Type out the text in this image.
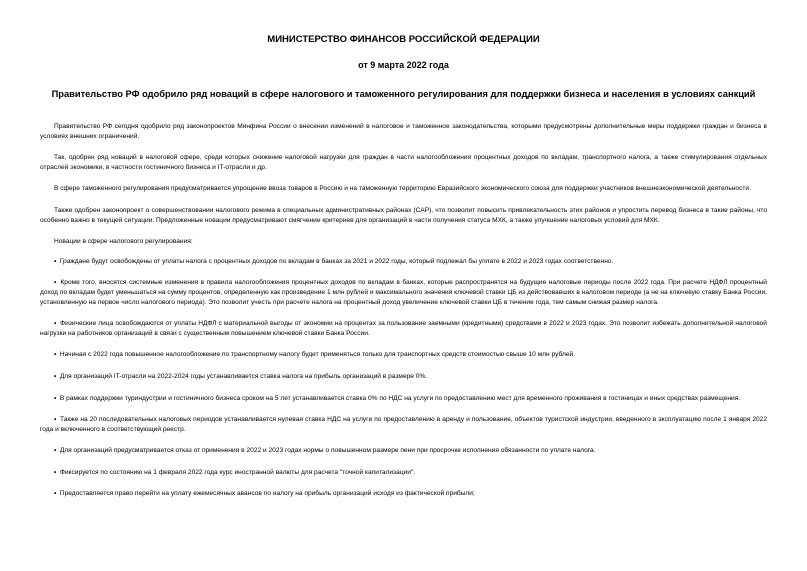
МИНИСТЕРСТВО ФИНАНСОВ РОССИЙСКОЙ ФЕДЕРАЦИИ
от 9 марта 2022 года
Правительство РФ одобрило ряд новаций в сфере налогового и таможенного регулирования для поддержки бизнеса и населения в условиях санкций

Правительство РФ сегодня одобрило ряд законопроектов Минфина России о внесении изменений в налоговое и таможенное законодательства, которыми предусмотрены дополнительные меры поддержки граждан и бизнеса в условиях внешних ограничений.

Так, одобрен ряд новаций в налоговой сфере, среди которых снижение налоговой нагрузки для граждан в части налогообложения процентных доходов по вкладам, транспортного налога, а также стимулирования отдельных отраслей экономики, в частности гостиничного бизнеса и IT-отрасли и др.

В сфере таможенного регулирования предусматривается упрощение ввоза товаров в Россию и на таможенную территорию Евразийского экономического союза для поддержки участников внешнеэкономической деятельности.

Также одобрен законопроект о совершенствовании налогового режима в специальных административных районах (САР), что позволит повысить привлекательность этих районов и упростить перевод бизнеса в такие районы, что особенно важно в текущей ситуации. Предложенные новации предусматривают смягчение критериев для организаций в части получения статуса МХК, а также улучшение налоговых условий для МХК.

Новации в сфере налогового регулирования:

• Граждане будут освобождены от уплаты налога с процентных доходов по вкладам в банках за 2021 и 2022 годы, который подлежал бы уплате в 2022 и 2023 годах соответственно.

• Кроме того, вносятся системные изменения в правила налогообложения процентных доходов по вкладам в банках, которые распространятся на будущие налоговые периоды после 2022 года. При расчете НДФЛ процентный доход по вкладам будет уменьшаться на сумму процентов, определенную как произведение 1 млн рублей и максимального значения ключевой ставки ЦБ из действовавших в налоговом периоде (а не на ключевую ставку Банка России, установленную на первое число налогового периода). Это позволит учесть при расчете налога на процентный доход увеличение ключевой ставки ЦБ в течение года, тем самым снижая размер налога.

• Физические лица освобождаются от уплаты НДФЛ с материальной выгоды от экономии на процентах за пользование заемными (кредитными) средствами в 2022 и 2023 годах. Это позволит избежать дополнительной налоговой нагрузки на работников организаций в связи с существенным повышением ключевой ставки Банка России.

• Начиная с 2022 года повышенное налогообложение по транспортному налогу будет применяться только для транспортных средств стоимостью свыше 10 млн рублей.

• Для организаций IT-отрасли на 2022-2024 годы устанавливается ставка налога на прибыль организаций в размере 0%.

• В рамках поддержки туриндустрии и гостиничного бизнеса сроком на 5 лет устанавливается ставка 0% по НДС на услуги по предоставлению мест для временного проживания в гостиницах и иных средствах размещения.

• Также на 20 последовательных налоговых периодов устанавливается нулевая ставка НДС на услуги по предоставлению в аренду и пользование, объектов туристской индустрии, введенного в эксплуатацию после 1 января 2022 года и включенного в соответствующий реестр.

• Для организаций предусматривается отказ от применения в 2022 и 2023 годах нормы о повышенном размере пени при просрочке исполнения обязанности по уплате налога.

• Фиксируется по состоянию на 1 февраля 2022 года курс иностранной валюты для расчета "точной капитализации".

• Предоставляется право перейти на уплату ежемесячных авансов по налогу на прибыль организаций исходя из фактической прибыли;
